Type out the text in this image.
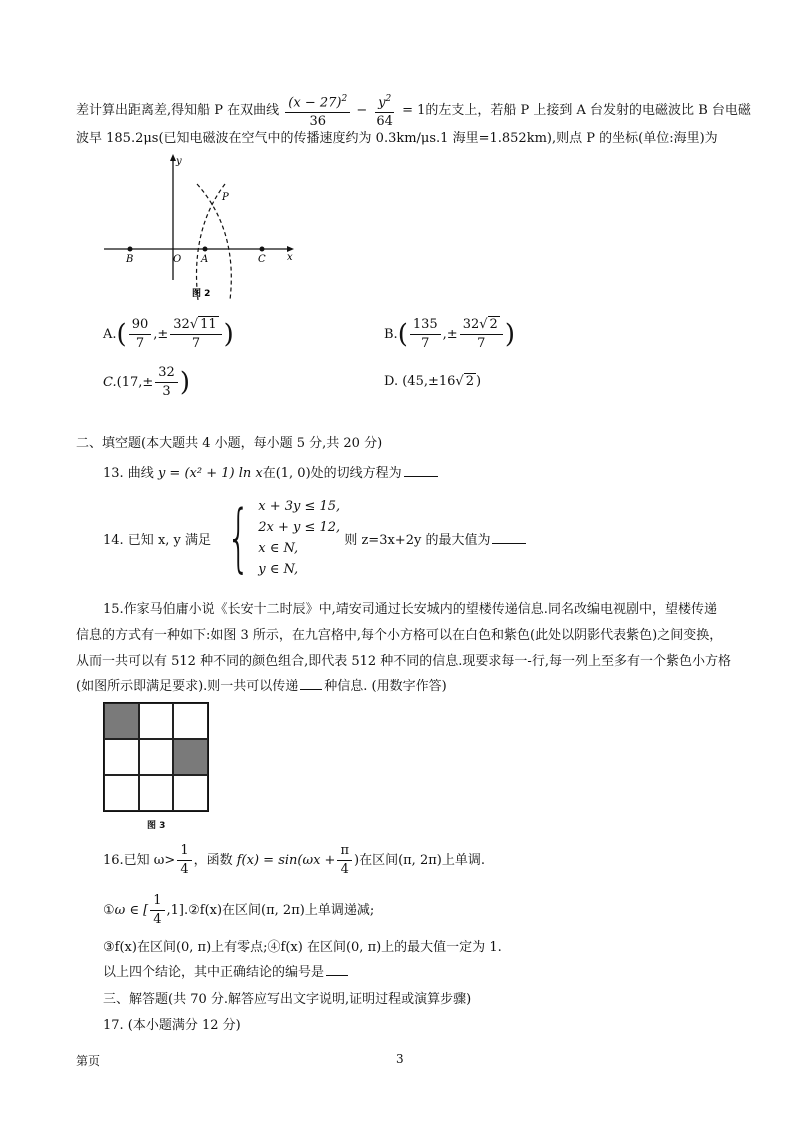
差计算出距离差,得知船 P 在双曲线 $\frac{(x - 27)^2}{36} - \frac{y^2}{64} = 1$的左支上，若船 P 上接到 A 台发射的电磁波比 B 台电磁
波早 185.2μs(已知电磁波在空气中的传播速度约为 0.3km/μs.1 海里=1.852km),则点 P 的坐标(单位:海里)为
y
x
B	O A	C
P
图 2
$A.( \frac{90}{7}$ ,± $\frac{32√ 11}{7}$ )	$B.( \frac{135}{7}$ ,± $\frac{32√ 2}{7}$ )
$C.(17,\pm \frac{32}{3}$ )	D. (45,±16√ 2 )
二、填空题(本大题共 4 小题，每小题 5 分,共 20 分)
13. 曲线 y = (x² + 1) ln x在(1, 0)处的切线方程为
14. 已知 x, y 满足 { x + 3y ≤ 15,
2x + y ≤ 12,
x ∈ N,
y ∈ N,
则 z=3x+2y 的最大值为
15.作家马伯庸小说《长安十二时辰》中,靖安司通过长安城内的望楼传递信息.同名改编电视剧中，望楼传递
信息的方式有一种如下:如图 3 所示，在九宫格中,每个小方格可以在白色和紫色(此处以阴影代表紫色)之间变换，
从而一共可以有 512 种不同的颜色组合,即代表 512 种不同的信息.现要求每一-行,每一列上至多有一个紫色小方格
(如图所示即满足要求).则一共可以传递 种信息. (用数字作答)
图 3
16.已知 $\omega> \frac{1}{4}$ ，函数 $f(x) = \sin(\omega x + \frac{\pi}{4}$ )在区间(π, 2π)上单调.
①ω ∈ [ $\frac{1}{4}$ ,1].②f(x)在区间(π, 2π)上单调递减;
③f(x)在区间(0, π)上有零点;④f(x) 在区间(0, π)上的最大值一定为 1.
以上四个结论，其中正确结论的编号是
三、解答题(共 70 分.解答应写出文字说明,证明过程或演算步骤)
17. (本小题满分 12 分)
第页	3
